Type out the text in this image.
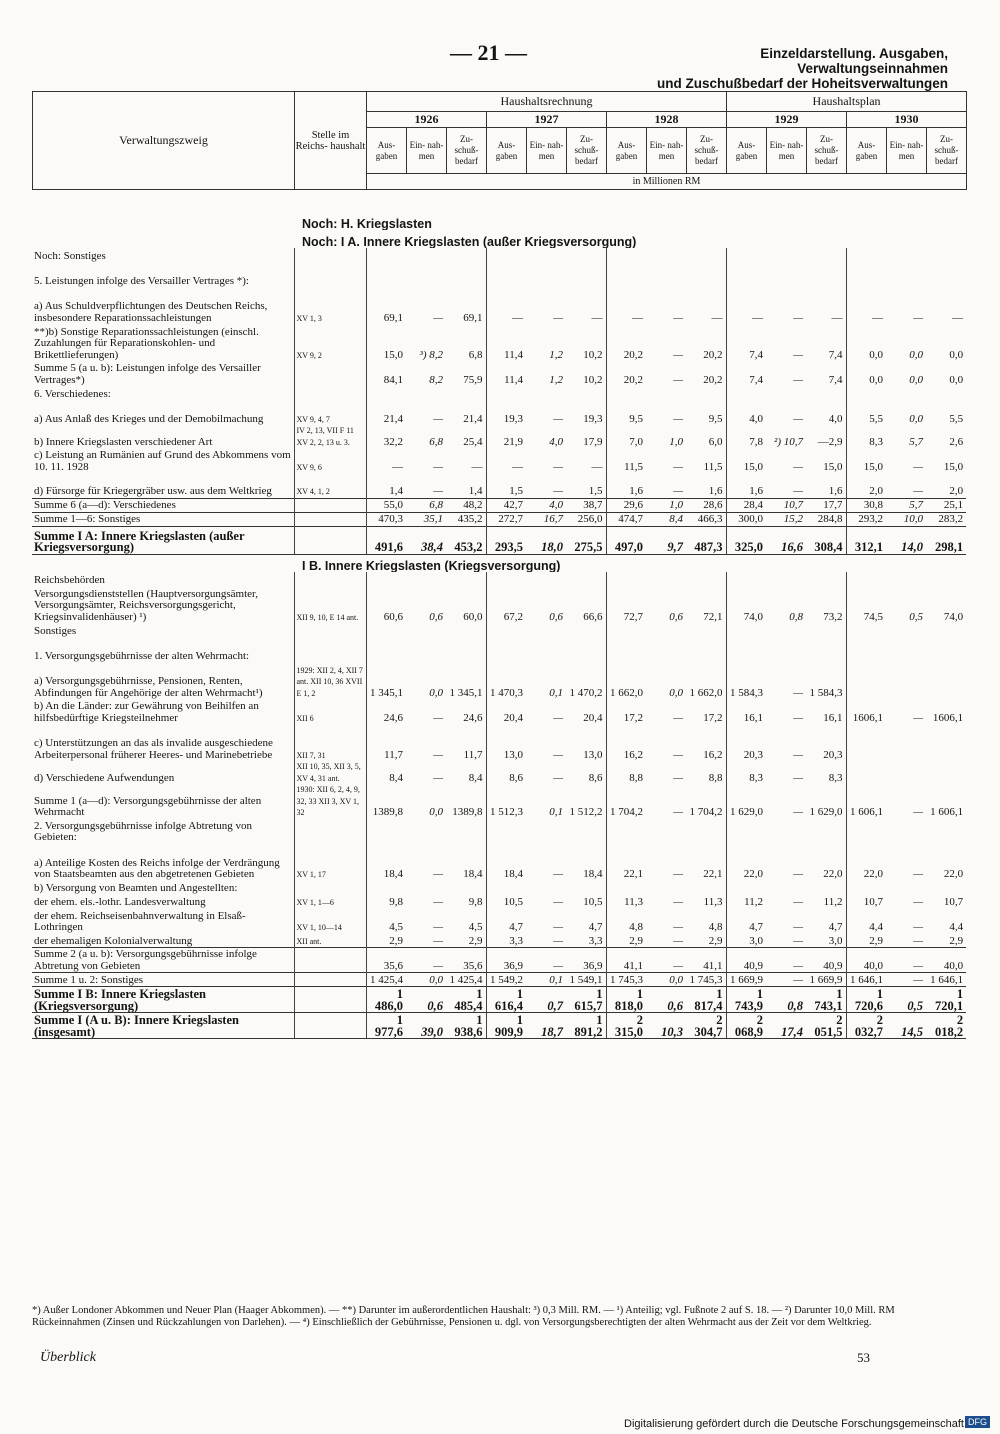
— 21 —	Einzeldarstellung. Ausgaben, Verwaltungseinnahmen
und Zuschußbedarf der Hoheitsverwaltungen
Verwaltungszweig	Stelle im Reichs- haushalt	Haushaltsrechnung									Haushaltsplan					
		1926			1927			1928			1929			1930		
		Aus- gaben	Ein- nah- men	Zu- schuß- bedarf	Aus- gaben	Ein- nah- men	Zu- schuß- bedarf	Aus- gaben	Ein- nah- men	Zu- schuß- bedarf	Aus- gaben	Ein- nah- men	Zu- schuß- bedarf	Aus- gaben	Ein- nah- men	Zu- schuß- bedarf
		in Millionen RM														
Noch: H. Kriegslasten																
Noch: I A. Innere Kriegslasten (außer Kriegsversorgung)																
Noch: Sonstiges																
5. Leistungen infolge des Versailler Vertrages *):																
a) Aus Schuldverpflichtungen des Deutschen Reichs, insbesondere Reparationssachleistungen	XV 1, 3	69,1	—	69,1	—	—	—	—	—	—	—	—	—	—	—	—
**)b) Sonstige Reparationssachleistungen (einschl. Zuzahlungen für Reparationskohlen- und Brikettlieferungen)	XV 9, 2	15,0	³) 8,2	6,8	11,4	1,2	10,2	20,2	—	20,2	7,4	—	7,4	0,0	0,0	0,0
Summe 5 (a u. b): Leistungen infolge des Versailler Vertrages*)		84,1	8,2	75,9	11,4	1,2	10,2	20,2	—	20,2	7,4	—	7,4	0,0	0,0	0,0
6. Verschiedenes:																
a) Aus Anlaß des Krieges und der Demobilmachung	XV 9, 4, 7	21,4	—	21,4	19,3	—	19,3	9,5	—	9,5	4,0	—	4,0	5,5	0,0	5,5
b) Innere Kriegslasten verschiedener Art	IV 2, 13, VII F 11 XV 2, 2, 13 u. 3.	32,2	6,8	25,4	21,9	4,0	17,9	7,0	1,0	6,0	7,8	²) 10,7	—2,9	8,3	5,7	2,6
c) Leistung an Rumänien auf Grund des Abkommens vom 10. 11. 1928	XV 9, 6	—	—	—	—	—	—	11,5	—	11,5	15,0	—	15,0	15,0	—	15,0
d) Fürsorge für Kriegergräber usw. aus dem Weltkrieg	XV 4, 1, 2	1,4	—	1,4	1,5	—	1,5	1,6	—	1,6	1,6	—	1,6	2,0	—	2,0
Summe 6 (a—d): Verschiedenes		55,0	6,8	48,2	42,7	4,0	38,7	29,6	1,0	28,6	28,4	10,7	17,7	30,8	5,7	25,1
Summe 1—6: Sonstiges		470,3	35,1	435,2	272,7	16,7	256,0	474,7	8,4	466,3	300,0	15,2	284,8	293,2	10,0	283,2
Summe I A: Innere Kriegslasten (außer Kriegsversorgung)		491,6	38,4	453,2	293,5	18,0	275,5	497,0	9,7	487,3	325,0	16,6	308,4	312,1	14,0	298,1
I B. Innere Kriegslasten (Kriegsversorgung)																
Reichsbehörden																
Versorgungsdienststellen (Hauptversorgungsämter, Versorgungsämter, Reichsversorgungsgericht, Kriegsinvalidenhäuser) ¹)	XII 9, 10, E 14 ant.	60,6	0,6	60,0	67,2	0,6	66,6	72,7	0,6	72,1	74,0	0,8	73,2	74,5	0,5	74,0
Sonstiges																
1. Versorgungsgebührnisse der alten Wehrmacht:																
a) Versorgungsgebührnisse, Pensionen, Renten, Abfindungen für Angehörige der alten Wehrmacht¹)	1929: XII 2, 4, XII 7 ant. XII 10, 36 XVII E 1, 2	1 345,1	0,0	1 345,1	1 470,3	0,1	1 470,2	1 662,0	0,0	1 662,0	1 584,3	—	1 584,3			
b) An die Länder: zur Gewährung von Beihilfen an hilfsbedürftige Kriegsteilnehmer	XII 6	24,6	—	24,6	20,4	—	20,4	17,2	—	17,2	16,1	—	16,1	1606,1	—	1606,1
c) Unterstützungen an das als invalide ausgeschiedene Arbeiterpersonal früherer Heeres- und Marinebetriebe	XII 7, 31	11,7	—	11,7	13,0	—	13,0	16,2	—	16,2	20,3	—	20,3			
d) Verschiedene Aufwendungen	XII 10, 35, XII 3, 5, XV 4, 31 ant.	8,4	—	8,4	8,6	—	8,6	8,8	—	8,8	8,3	—	8,3			
Summe 1 (a—d): Versorgungsgebührnisse der alten Wehrmacht	1930: XII 6, 2, 4, 9, 32, 33 XII 3, XV 1, 32	1389,8	0,0	1389,8	1 512,3	0,1	1 512,2	1 704,2	—	1 704,2	1 629,0	—	1 629,0	1 606,1	—	1 606,1
2. Versorgungsgebührnisse infolge Abtretung von Gebieten:																
a) Anteilige Kosten des Reichs infolge der Verdrängung von Staatsbeamten aus den abgetretenen Gebieten	XV 1, 17	18,4	—	18,4	18,4	—	18,4	22,1	—	22,1	22,0	—	22,0	22,0	—	22,0
b) Versorgung von Beamten und Angestellten:																
der ehem. els.-lothr. Landesverwaltung	XV 1, 1—6	9,8	—	9,8	10,5	—	10,5	11,3	—	11,3	11,2	—	11,2	10,7	—	10,7
der ehem. Reichseisenbahnverwaltung in Elsaß-Lothringen	XV 1, 10—14	4,5	—	4,5	4,7	—	4,7	4,8	—	4,8	4,7	—	4,7	4,4	—	4,4
der ehemaligen Kolonialverwaltung	XII ant.	2,9	—	2,9	3,3	—	3,3	2,9	—	2,9	3,0	—	3,0	2,9	—	2,9
Summe 2 (a u. b): Versorgungsgebührnisse infolge Abtretung von Gebieten		35,6	—	35,6	36,9	—	36,9	41,1	—	41,1	40,9	—	40,9	40,0	—	40,0
Summe 1 u. 2: Sonstiges		1 425,4	0,0	1 425,4	1 549,2	0,1	1 549,1	1 745,3	0,0	1 745,3	1 669,9	—	1 669,9	1 646,1	—	1 646,1
Summe I B: Innere Kriegslasten (Kriegsversorgung)		1 486,0	0,6	1 485,4	1 616,4	0,7	1 615,7	1 818,0	0,6	1 817,4	1 743,9	0,8	1 743,1	1 720,6	0,5	1 720,1
Summe I (A u. B): Innere Kriegslasten (insgesamt)		1 977,6	39,0	1 938,6	1 909,9	18,7	1 891,2	2 315,0	10,3	2 304,7	2 068,9	17,4	2 051,5	2 032,7	14,5	2 018,2
*) Außer Londoner Abkommen und Neuer Plan (Haager Abkommen). — **) Darunter im außerordentlichen Haushalt: ³) 0,3 Mill. RM. — ¹) Anteilig; vgl. Fußnote 2 auf S. 18. — ²) Darunter 10,0 Mill. RM Rückeinnahmen (Zinsen und Rückzahlungen von Darlehen). — ⁴) Einschließlich der Gebührnisse, Pensionen u. dgl. von Versorgungsberechtigten der alten Wehrmacht aus der Zeit vor dem Weltkrieg.
Überblick	53
Digitalisierung gefördert durch die Deutsche Forschungsgemeinschaft DFG
